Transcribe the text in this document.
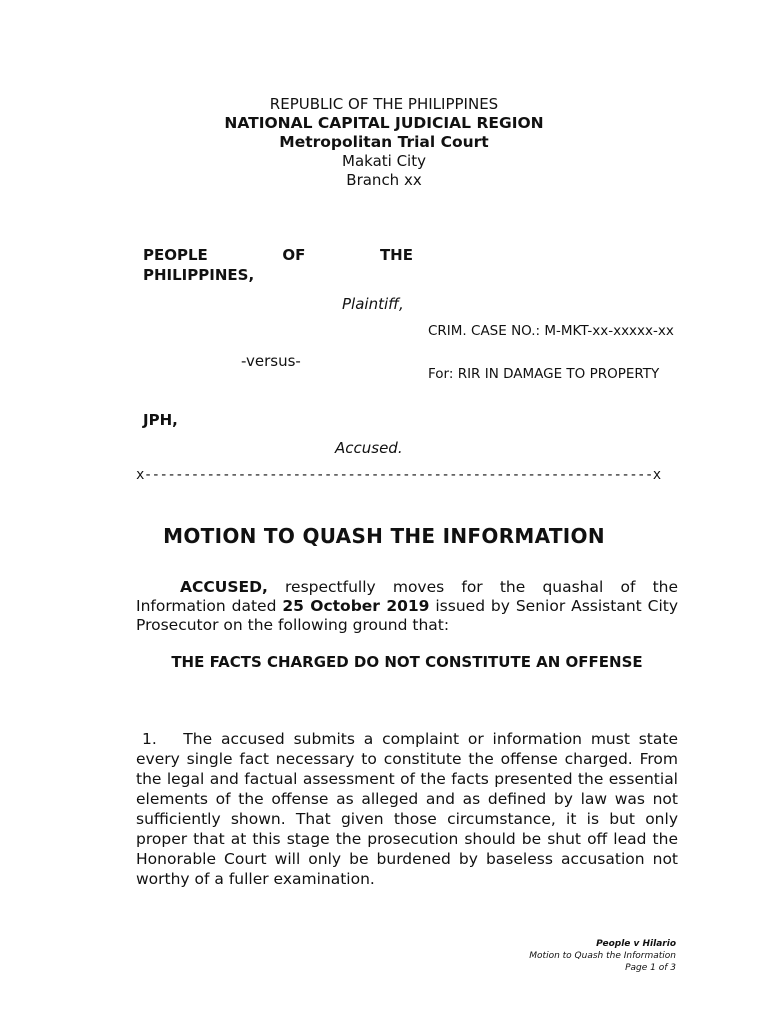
REPUBLIC OF THE PHILIPPINES
NATIONAL CAPITAL JUDICIAL REGION
Metropolitan Trial Court
Makati City
Branch xx
PEOPLE	OF	THE
PHILIPPINES,
Plaintiff,
CRIM. CASE NO.: M-MKT-xx-xxxxx-xx
-versus-
For: RIR IN DAMAGE TO PROPERTY
JPH,
Accused.
x-----------------------------------------------------------------x
MOTION TO QUASH THE INFORMATION
ACCUSED, respectfully moves for the quashal of the Information dated 25 October 2019 issued by Senior Assistant City Prosecutor on the following ground that:
THE FACTS CHARGED DO NOT CONSTITUTE AN OFFENSE
1. The accused submits a complaint or information must state every single fact necessary to constitute the offense charged. From the legal and factual assessment of the facts presented the essential elements of the offense as alleged and as defined by law was not sufficiently shown. That given those circumstance, it is but only proper that at this stage the prosecution should be shut off lead the Honorable Court will only be burdened by baseless accusation not worthy of a fuller examination.
People v Hilario
Motion to Quash the Information
Page 1 of 3
